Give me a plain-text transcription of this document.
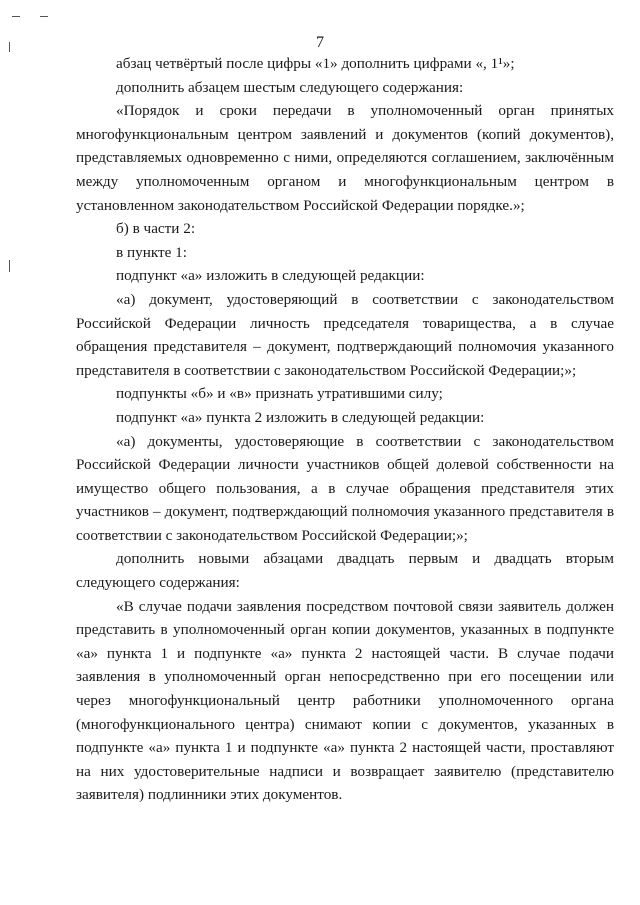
7

абзац четвёртый после цифры «1» дополнить цифрами «, 1¹»;

дополнить абзацем шестым следующего содержания:

«Порядок и сроки передачи в уполномоченный орган принятых многофункциональным центром заявлений и документов (копий документов), представляемых одновременно с ними, определяются соглашением, заключённым между уполномоченным органом и многофункциональным центром в установленном законодательством Российской Федерации порядке.»;

б) в части 2:

в пункте 1:

подпункт «а» изложить в следующей редакции:

«а) документ, удостоверяющий в соответствии с законодательством Российской Федерации личность председателя товарищества, а в случае обращения представителя – документ, подтверждающий полномочия указанного представителя в соответствии с законодательством Российской Федерации;»;

подпункты «б» и «в» признать утратившими силу;

подпункт «а» пункта 2 изложить в следующей редакции:

«а) документы, удостоверяющие в соответствии с законодательством Российской Федерации личности участников общей долевой собственности на имущество общего пользования, а в случае обращения представителя этих участников – документ, подтверждающий полномочия указанного представителя в соответствии с законодательством Российской Федерации;»;

дополнить новыми абзацами двадцать первым и двадцать вторым следующего содержания:

«В случае подачи заявления посредством почтовой связи заявитель должен представить в уполномоченный орган копии документов, указанных в подпункте «а» пункта 1 и подпункте «а» пункта 2 настоящей части. В случае подачи заявления в уполномоченный орган непосредственно при его посещении или через многофункциональный центр работники уполномоченного органа (многофункционального центра) снимают копии с документов, указанных в подпункте «а» пункта 1 и подпункте «а» пункта 2 настоящей части, проставляют на них удостоверительные надписи и возвращает заявителю (представителю заявителя) подлинники этих документов.
